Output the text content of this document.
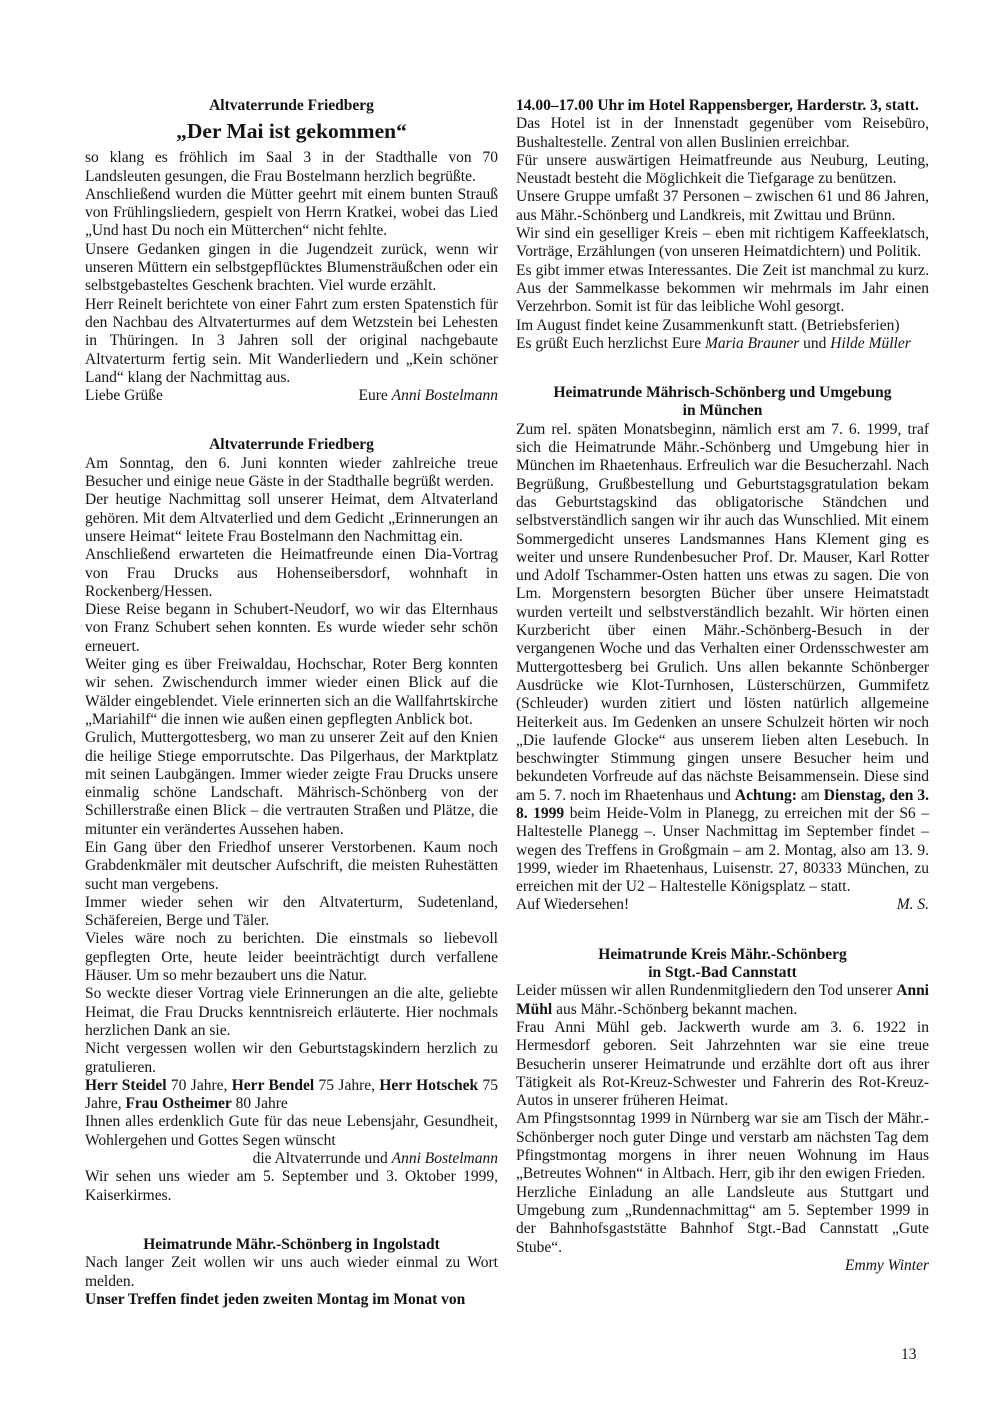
Altvaterrunde Friedberg
„Der Mai ist gekommen“

so klang es fröhlich im Saal 3 in der Stadthalle von 70 Landsleuten gesungen, die Frau Bostelmann herzlich begrüßte.

Anschließend wurden die Mütter geehrt mit einem bunten Strauß von Frühlingsliedern, gespielt von Herrn Kratkei, wobei das Lied „Und hast Du noch ein Mütterchen“ nicht fehlte.

Unsere Gedanken gingen in die Jugendzeit zurück, wenn wir unseren Müttern ein selbstgepflücktes Blumensträußchen oder ein selbstgebasteltes Geschenk brachten. Viel wurde erzählt.

Herr Reinelt berichtete von einer Fahrt zum ersten Spatenstich für den Nachbau des Altvaterturmes auf dem Wetzstein bei Lehesten in Thüringen. In 3 Jahren soll der original nachgebaute Altvaterturm fertig sein. Mit Wanderliedern und „Kein schöner Land“ klang der Nachmittag aus.

Liebe Grüße	Eure Anni Bostelmann

Altvaterrunde Friedberg

Am Sonntag, den 6. Juni konnten wieder zahlreiche treue Besucher und einige neue Gäste in der Stadthalle begrüßt werden.

Der heutige Nachmittag soll unserer Heimat, dem Altvaterland gehören. Mit dem Altvaterlied und dem Gedicht „Erinnerungen an unsere Heimat“ leitete Frau Bostelmann den Nachmittag ein.

Anschließend erwarteten die Heimatfreunde einen Dia-Vortrag von Frau Drucks aus Hohenseibersdorf, wohnhaft in Rockenberg/Hessen.

Diese Reise begann in Schubert-Neudorf, wo wir das Elternhaus von Franz Schubert sehen konnten. Es wurde wieder sehr schön erneuert.

Weiter ging es über Freiwaldau, Hochschar, Roter Berg konnten wir sehen. Zwischendurch immer wieder einen Blick auf die Wälder eingeblendet. Viele erinnerten sich an die Wallfahrtskirche „Mariahilf“ die innen wie außen einen gepflegten Anblick bot.

Grulich, Muttergottesberg, wo man zu unserer Zeit auf den Knien die heilige Stiege emporrutschte. Das Pilgerhaus, der Marktplatz mit seinen Laubgängen. Immer wieder zeigte Frau Drucks unsere einmalig schöne Landschaft. Mährisch-Schönberg von der Schillerstraße einen Blick – die vertrauten Straßen und Plätze, die mitunter ein verändertes Aussehen haben.

Ein Gang über den Friedhof unserer Verstorbenen. Kaum noch Grabdenkmäler mit deutscher Aufschrift, die meisten Ruhestätten sucht man vergebens.

Immer wieder sehen wir den Altvaterturm, Sudetenland, Schäfereien, Berge und Täler.

Vieles wäre noch zu berichten. Die einstmals so liebevoll gepflegten Orte, heute leider beeinträchtigt durch verfallene Häuser. Um so mehr bezaubert uns die Natur.

So weckte dieser Vortrag viele Erinnerungen an die alte, geliebte Heimat, die Frau Drucks kenntnisreich erläuterte. Hier nochmals herzlichen Dank an sie.

Nicht vergessen wollen wir den Geburtstagskindern herzlich zu gratulieren.

Herr Steidel 70 Jahre, Herr Bendel 75 Jahre, Herr Hotschek 75 Jahre, Frau Ostheimer 80 Jahre

Ihnen alles erdenklich Gute für das neue Lebensjahr, Gesundheit, Wohlergehen und Gottes Segen wünscht

die Altvaterrunde und Anni Bostelmann

Wir sehen uns wieder am 5. September und 3. Oktober 1999, Kaiserkirmes.

Heimatrunde Mähr.-Schönberg in Ingolstadt

Nach langer Zeit wollen wir uns auch wieder einmal zu Wort melden.

Unser Treffen findet jeden zweiten Montag im Monat von

14.00–17.00 Uhr im Hotel Rappensberger, Harderstr. 3, statt.

Das Hotel ist in der Innenstadt gegenüber vom Reisebüro, Bushaltestelle. Zentral von allen Buslinien erreichbar.

Für unsere auswärtigen Heimatfreunde aus Neuburg, Leuting, Neustadt besteht die Möglichkeit die Tiefgarage zu benützen.

Unsere Gruppe umfaßt 37 Personen – zwischen 61 und 86 Jahren, aus Mähr.-Schönberg und Landkreis, mit Zwittau und Brünn.

Wir sind ein geselliger Kreis – eben mit richtigem Kaffeeklatsch, Vorträge, Erzählungen (von unseren Heimatdichtern) und Politik.

Es gibt immer etwas Interessantes. Die Zeit ist manchmal zu kurz. Aus der Sammelkasse bekommen wir mehrmals im Jahr einen Verzehrbon. Somit ist für das leibliche Wohl gesorgt.

Im August findet keine Zusammenkunft statt. (Betriebsferien)

Es grüßt Euch herzlichst Eure Maria Brauner und Hilde Müller

Heimatrunde Mährisch-Schönberg und Umgebung
in München

Zum rel. späten Monatsbeginn, nämlich erst am 7. 6. 1999, traf sich die Heimatrunde Mähr.-Schönberg und Umgebung hier in München im Rhaetenhaus. Erfreulich war die Besucherzahl. Nach Begrüßung, Grußbestellung und Geburtstagsgratulation bekam das Geburtstagskind das obligatorische Ständchen und selbstverständlich sangen wir ihr auch das Wunschlied. Mit einem Sommergedicht unseres Landsmannes Hans Klement ging es weiter und unsere Rundenbesucher Prof. Dr. Mauser, Karl Rotter und Adolf Tschammer-Osten hatten uns etwas zu sagen. Die von Lm. Morgenstern besorgten Bücher über unsere Heimatstadt wurden verteilt und selbstverständlich bezahlt. Wir hörten einen Kurzbericht über einen Mähr.-Schönberg-Besuch in der vergangenen Woche und das Verhalten einer Ordensschwester am Muttergottesberg bei Grulich. Uns allen bekannte Schönberger Ausdrücke wie Klot-Turnhosen, Lüsterschürzen, Gummifetz (Schleuder) wurden zitiert und lösten natürlich allgemeine Heiterkeit aus. Im Gedenken an unsere Schulzeit hörten wir noch „Die laufende Glocke“ aus unserem lieben alten Lesebuch. In beschwingter Stimmung gingen unsere Besucher heim und bekundeten Vorfreude auf das nächste Beisammensein. Diese sind am 5. 7. noch im Rhaetenhaus und Achtung: am Dienstag, den 3. 8. 1999 beim Heide-Volm in Planegg, zu erreichen mit der S6 – Haltestelle Planegg –. Unser Nachmittag im September findet – wegen des Treffens in Großgmain – am 2. Montag, also am 13. 9. 1999, wieder im Rhaetenhaus, Luisenstr. 27, 80333 München, zu erreichen mit der U2 – Haltestelle Königsplatz – statt.

Auf Wiedersehen!	M. S.

Heimatrunde Kreis Mähr.-Schönberg
in Stgt.-Bad Cannstatt

Leider müssen wir allen Rundenmitgliedern den Tod unserer Anni Mühl aus Mähr.-Schönberg bekannt machen.

Frau Anni Mühl geb. Jackwerth wurde am 3. 6. 1922 in Hermesdorf geboren. Seit Jahrzehnten war sie eine treue Besucherin unserer Heimatrunde und erzählte dort oft aus ihrer Tätigkeit als Rot-Kreuz-Schwester und Fahrerin des Rot-Kreuz-Autos in unserer früheren Heimat.

Am Pfingstsonntag 1999 in Nürnberg war sie am Tisch der Mähr.-Schönberger noch guter Dinge und verstarb am nächsten Tag dem Pfingstmontag morgens in ihrer neuen Wohnung im Haus „Betreutes Wohnen“ in Altbach. Herr, gib ihr den ewigen Frieden.

Herzliche Einladung an alle Landsleute aus Stuttgart und Umgebung zum „Rundennachmittag“ am 5. September 1999 in der Bahnhofsgaststätte Bahnhof Stgt.-Bad Cannstatt „Gute Stube“.

Emmy Winter

13
